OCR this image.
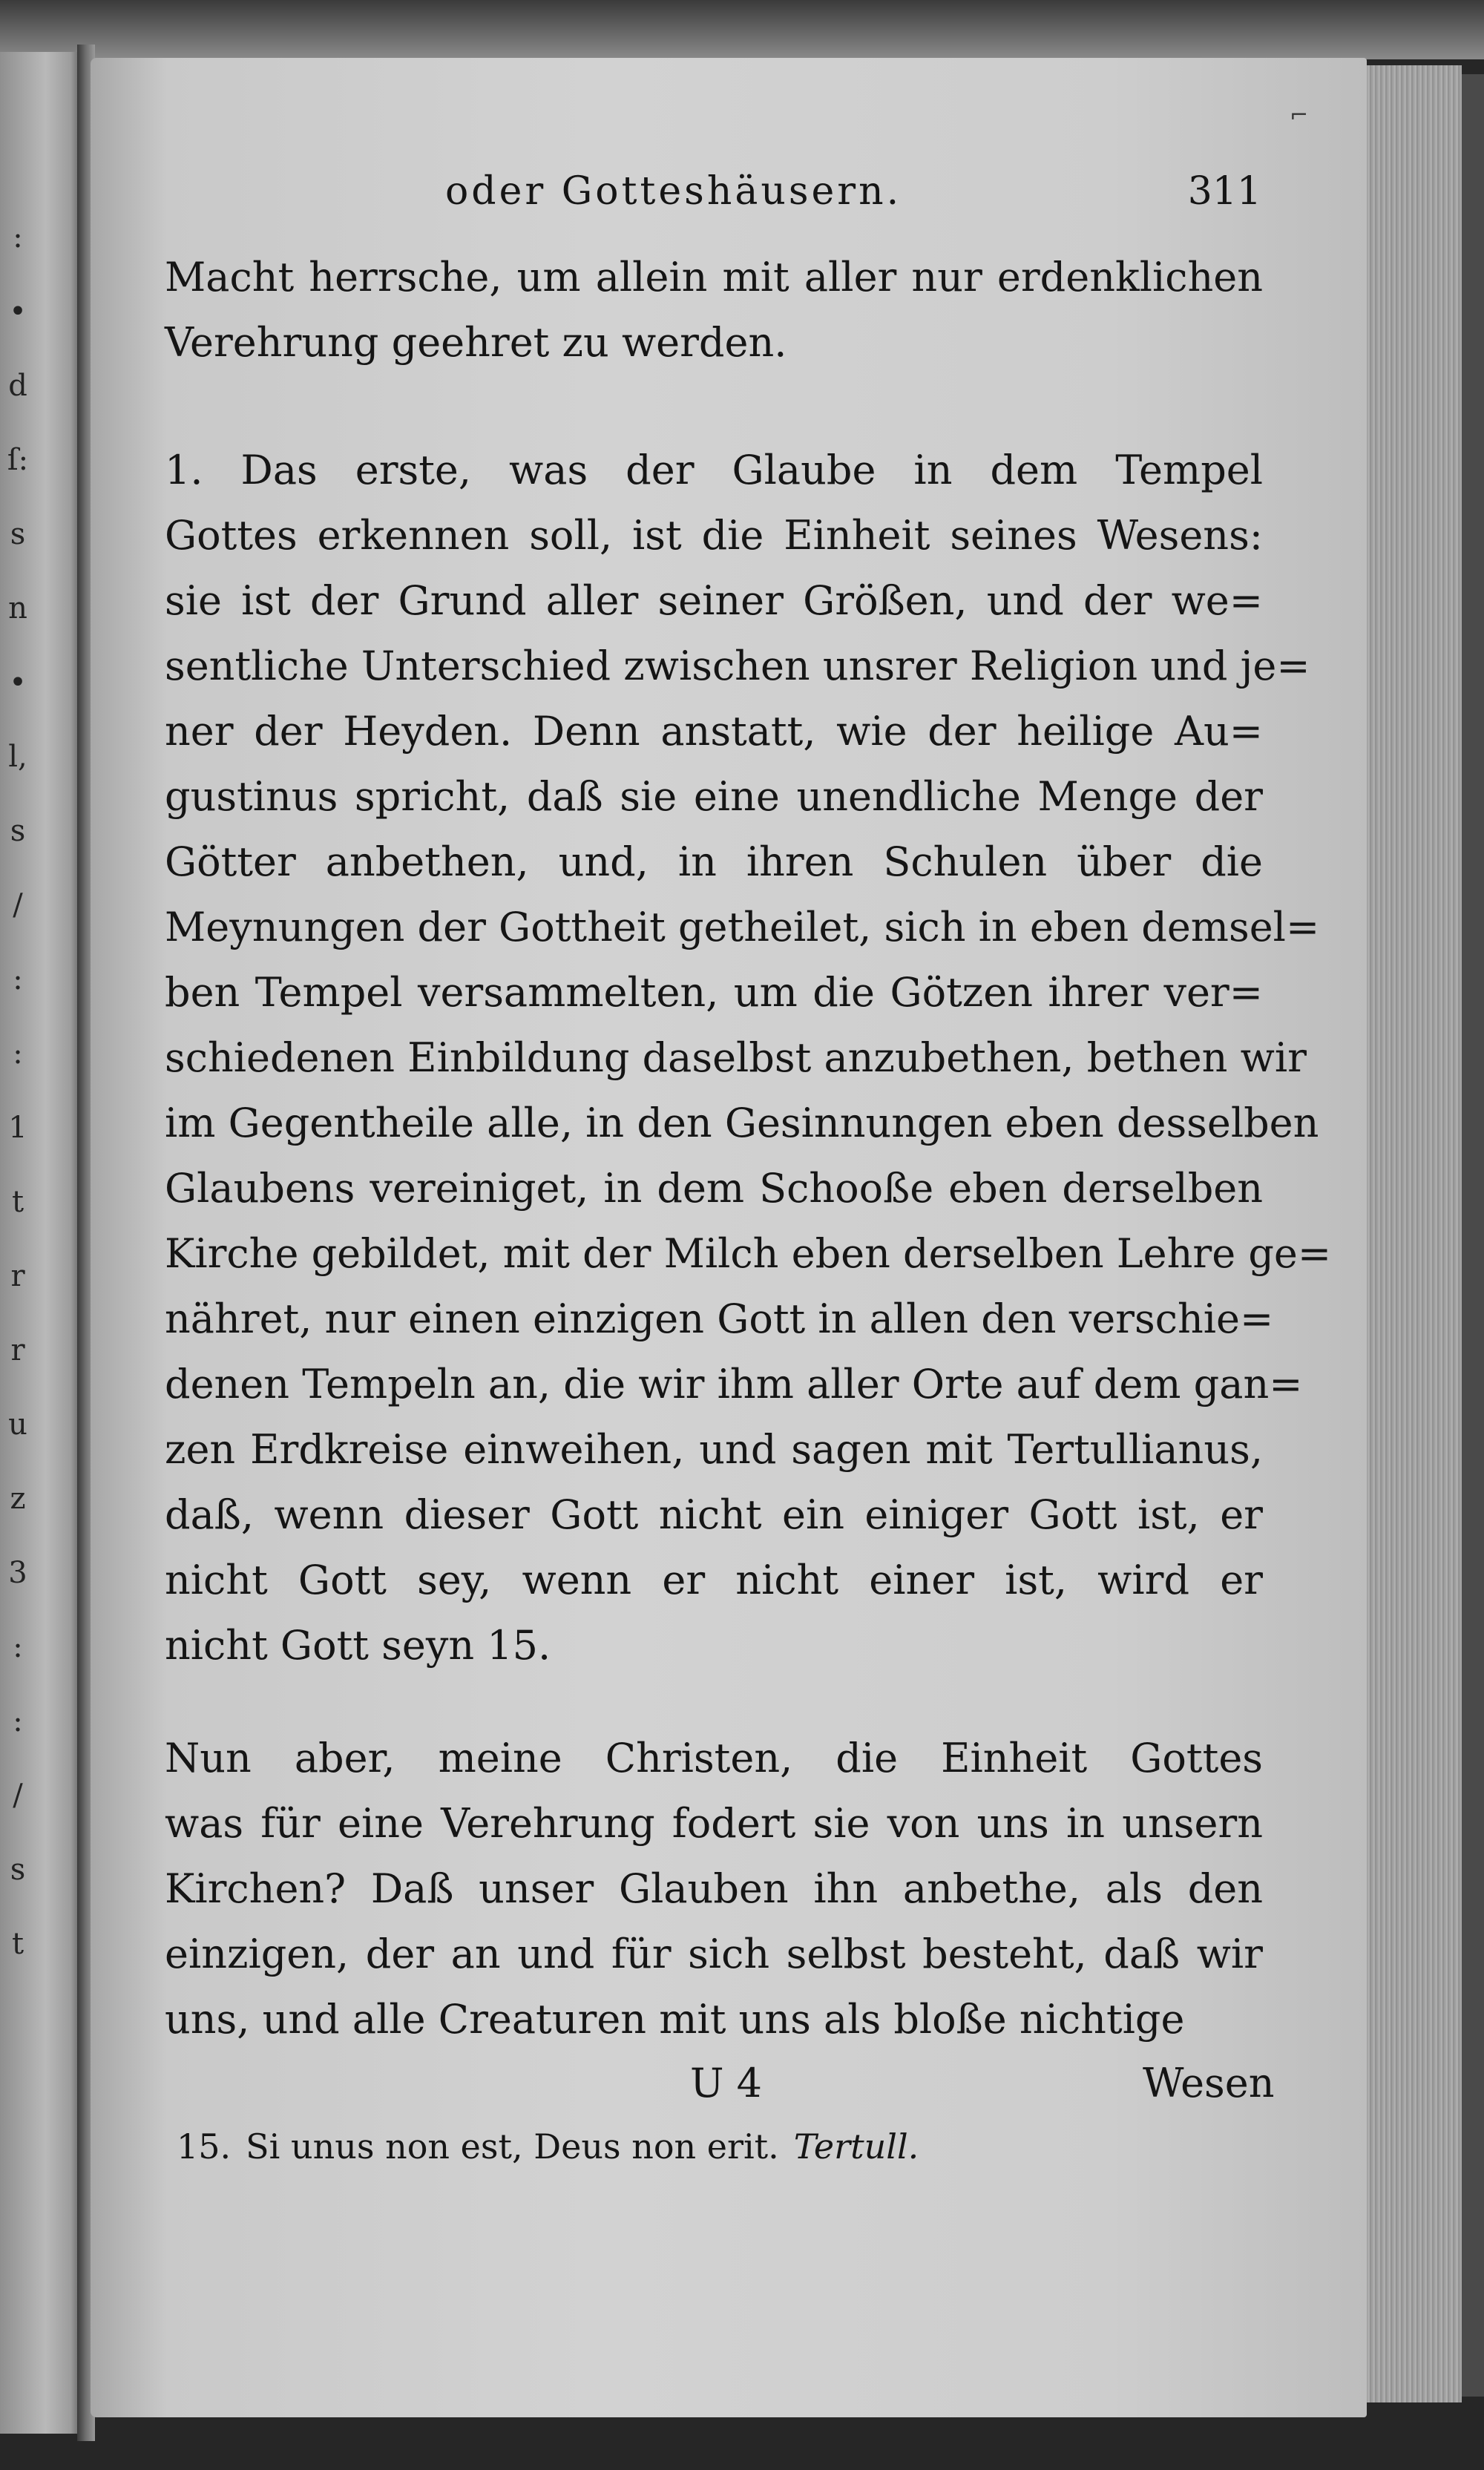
:
•
d
ſ:
s
n
•
l,
s
/
:
:
1
t
r
r
u
z
3
:
:
/
s
t
⌐
oder Gotteshäusern.	311
Macht herrsche, um allein mit aller nur erdenklichen
Verehrung geehret zu werden.
1. Das erste, was der Glaube in dem Tempel
Gottes erkennen soll, ist die Einheit seines Wesens:
sie ist der Grund aller seiner Größen, und der we=
sentliche Unterschied zwischen unsrer Religion und je=
ner der Heyden. Denn anstatt, wie der heilige Au=
gustinus spricht, daß sie eine unendliche Menge der
Götter anbethen, und, in ihren Schulen über die
Meynungen der Gottheit getheilet, sich in eben demsel=
ben Tempel versammelten, um die Götzen ihrer ver=
schiedenen Einbildung daselbst anzubethen, bethen wir
im Gegentheile alle, in den Gesinnungen eben desselben
Glaubens vereiniget, in dem Schooße eben derselben
Kirche gebildet, mit der Milch eben derselben Lehre ge=
nähret, nur einen einzigen Gott in allen den verschie=
denen Tempeln an, die wir ihm aller Orte auf dem gan=
zen Erdkreise einweihen, und sagen mit Tertullianus,
daß, wenn dieser Gott nicht ein einiger Gott ist, er
nicht Gott sey, wenn er nicht einer ist, wird er
nicht Gott seyn 15.
Nun aber, meine Christen, die Einheit Gottes
was für eine Verehrung fodert sie von uns in unsern
Kirchen? Daß unser Glauben ihn anbethe, als den
einzigen, der an und für sich selbst besteht, daß wir
uns, und alle Creaturen mit uns als bloße nichtige
U 4	Wesen
15. Si unus non est, Deus non erit. Tertull.
